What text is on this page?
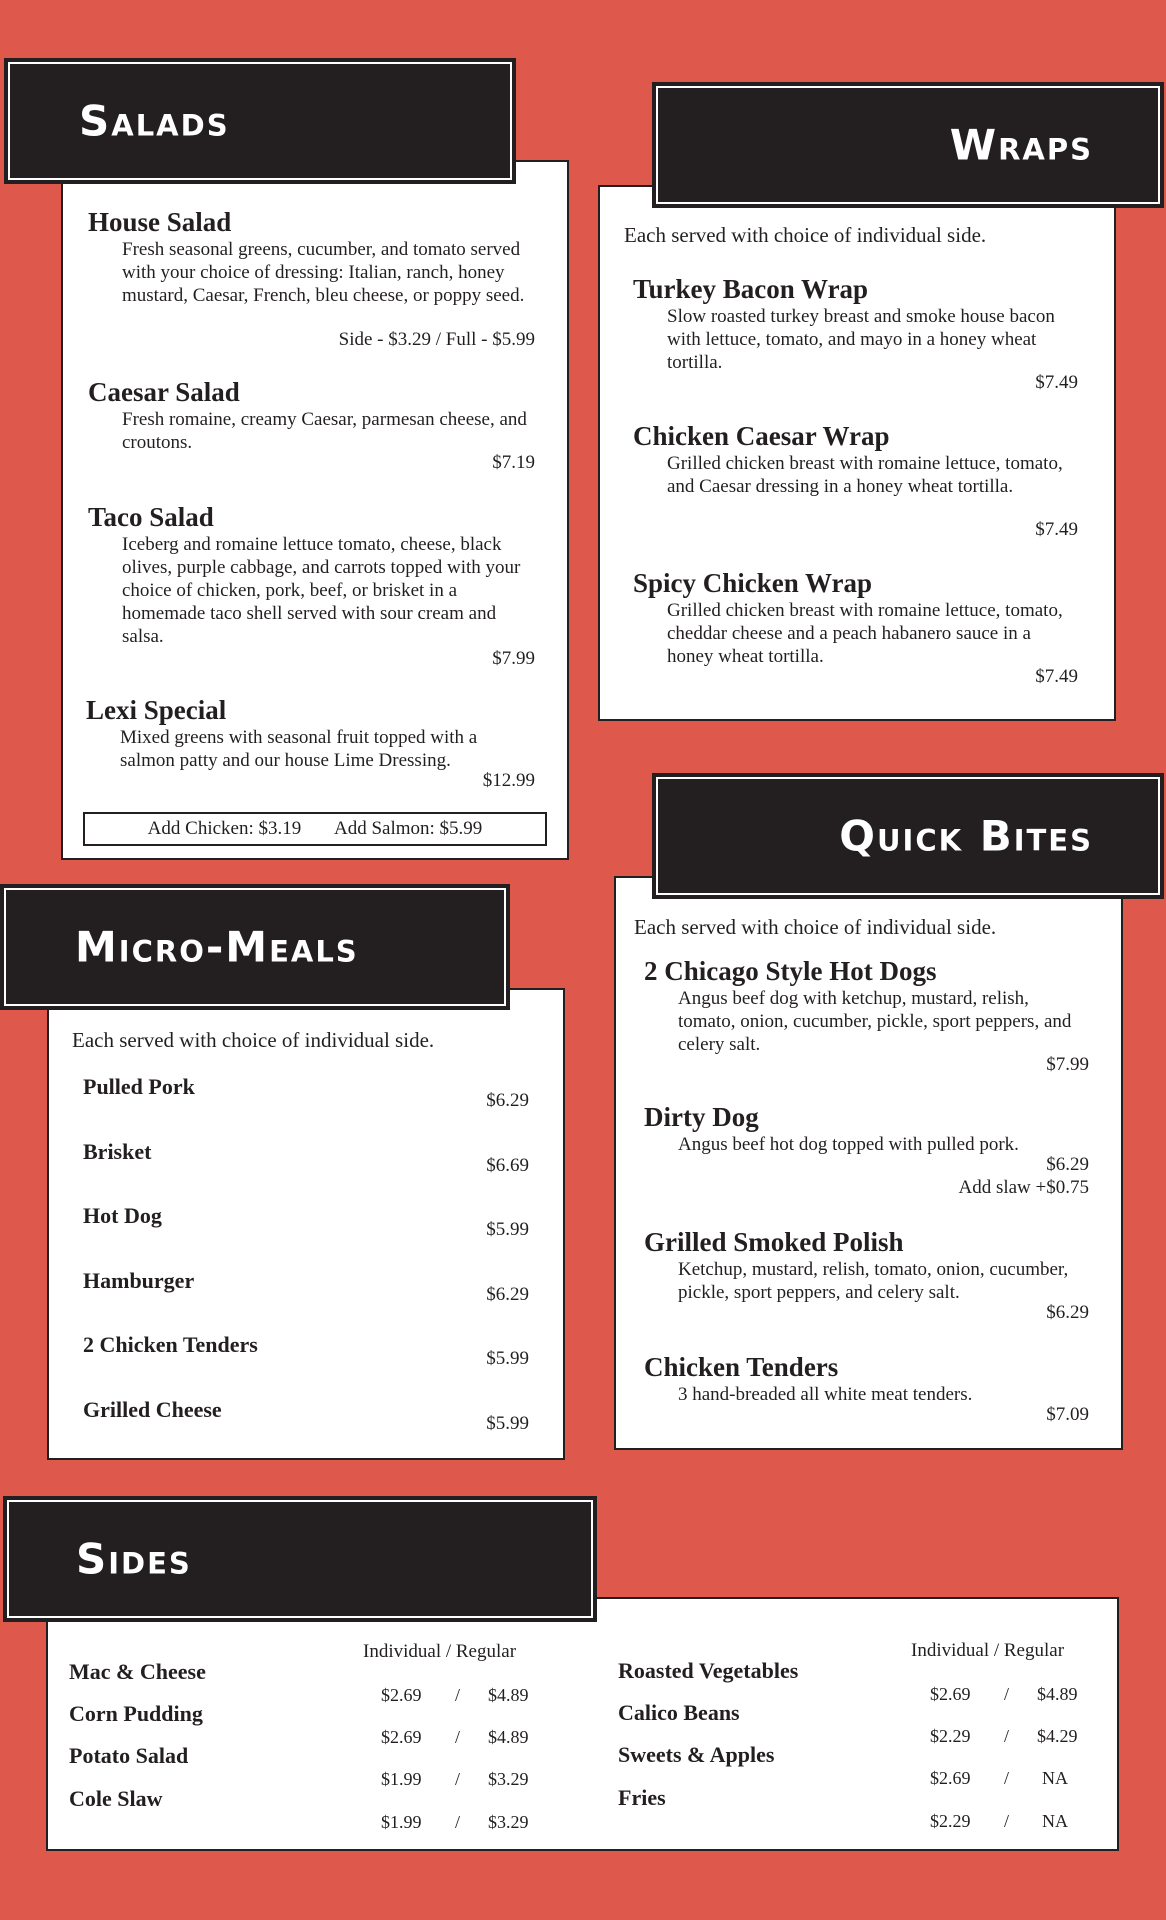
House Salad
Fresh seasonal greens, cucumber, and tomato served with your choice of dressing: Italian, ranch, honey mustard, Caesar, French, bleu cheese, or poppy seed.
Side - $3.29 / Full - $5.99
Caesar Salad
Fresh romaine, creamy Caesar, parmesan cheese, and croutons.
$7.19
Taco Salad
Iceberg and romaine lettuce tomato, cheese, black olives, purple cabbage, and carrots topped with your choice of chicken, pork, beef, or brisket in a homemade taco shell served with sour cream and salsa.
$7.99
Lexi Special
Mixed greens with seasonal fruit topped with a salmon patty and our house Lime Dressing.
$12.99
Add Chicken: $3.19 Add Salmon: $5.99
Salads
Each served with choice of individual side.
Turkey Bacon Wrap
Slow roasted turkey breast and smoke house bacon with lettuce, tomato, and mayo in a honey wheat tortilla.
$7.49
Chicken Caesar Wrap
Grilled chicken breast with romaine lettuce, tomato, and Caesar dressing in a honey wheat tortilla.
$7.49
Spicy Chicken Wrap
Grilled chicken breast with romaine lettuce, tomato, cheddar cheese and a peach habanero sauce in a honey wheat tortilla.
$7.49
Wraps
Each served with choice of individual side.
Pulled Pork
$6.29
Brisket
$6.69
Hot Dog
$5.99
Hamburger
$6.29
2 Chicken Tenders
$5.99
Grilled Cheese
$5.99
Micro-Meals	Each served with choice of individual side.
2 Chicago Style Hot Dogs
Angus beef dog with ketchup, mustard, relish, tomato, onion, cucumber, pickle, sport peppers, and celery salt.
$7.99
Dirty Dog
Angus beef hot dog topped with pulled pork.
$6.29
Add slaw +$0.75
Grilled Smoked Polish
Ketchup, mustard, relish, tomato, onion, cucumber, pickle, sport peppers, and celery salt.
$6.29
Chicken Tenders
3 hand-breaded all white meat tenders.
$7.09
Quick Bites
Individual / Regular
Mac & Cheese
Corn Pudding
Potato Salad
Cole Slaw
$2.69 / $4.89
$2.69 / $4.89
$1.99 / $3.29
$1.99 / $3.29
Individual / Regular
Roasted Vegetables
Calico Beans
Sweets & Apples
Fries
$2.69 / $4.89
$2.29 / $4.29
$2.69 / NA
$2.29 / NA
Sides
